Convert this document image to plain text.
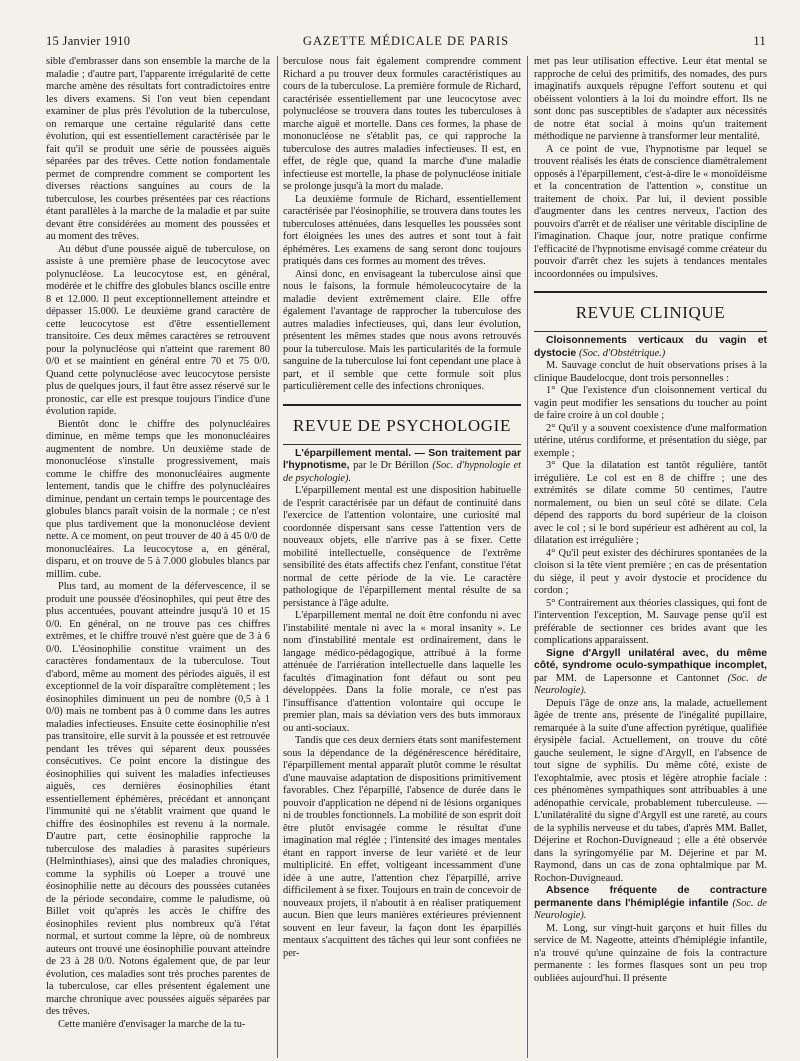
15 Janvier 1910	GAZETTE MÉDICALE DE PARIS	11

sible d'embrasser dans son ensemble la marche de la maladie ; d'autre part, l'apparente irrégularité de cette marche amène des résultats fort contradictoires entre les divers examens. Si l'on veut bien cependant examiner de plus près l'évolution de la tuberculose, on remarque une certaine régularité dans cette évolution, qui est essentiellement caractérisée par le fait qu'il se produit une série de poussées aiguës séparées par des trêves. Cette notion fondamentale permet de comprendre comment se comportent les diverses réactions sanguines au cours de la tuberculose, les courbes présentées par ces réactions étant parallèles à la marche de la maladie et par suite devant être considérées au moment des poussées et au moment des trêves.

Au début d'une poussée aiguë de tuberculose, on assiste à une première phase de leucocytose avec polynucléose. La leucocytose est, en général, modérée et le chiffre des globules blancs oscille entre 8 et 12.000. Il peut exceptionnellement atteindre et dépasser 15.000. Le deuxième grand caractère de cette leucocytose est d'être essentiellement transitoire. Ces deux mêmes caractères se retrouvent pour la polynucléose qui n'atteint que rarement 80 0/0 et se maintient en général entre 70 et 75 0/0. Quand cette polynucléose avec leucocytose persiste plus de quelques jours, il faut être assez réservé sur le pronostic, car elle est presque toujours l'indice d'une évolution rapide.

Bientôt donc le chiffre des polynucléaires diminue, en même temps que les mononucléaires augmentent de nombre. Un deuxième stade de mononucléose s'installe progressivement, mais comme le chiffre des mononucléaires augmente lentement, tandis que le chiffre des polynucléaires diminue, pendant un certain temps le pourcentage des globules blancs paraît voisin de la normale ; ce n'est que plus tardivement que la mononucléose devient nette. A ce moment, on peut trouver de 40 à 45 0/0 de mononucléaires. La leucocytose a, en général, disparu, et on trouve de 5 à 7.000 globules blancs par millim. cube.

Plus tard, au moment de la défervescence, il se produit une poussée d'éosinophiles, qui peut être des plus accentuées, pouvant atteindre jusqu'à 10 et 15 0/0. En général, on ne trouve pas ces chiffres extrêmes, et le chiffre trouvé n'est guère que de 3 à 6 0/0. L'éosinophilie constitue vraiment un des caractères fondamentaux de la tuberculose. Tout d'abord, même au moment des périodes aiguës, il est exceptionnel de la voir disparaître complètement ; les éosinophiles diminuent un peu de nombre (0,5 à 1 0/0) mais ne tombent pas à 0 comme dans les autres maladies infectieuses. Ensuite cette éosinophilie n'est pas transitoire, elle survit à la poussée et est retrouvée pendant les trêves qui séparent deux poussées consécutives. Ce point encore la distingue des éosinophilies qui suivent les maladies infectieuses aiguës, ces dernières éosinophilies étant essentiellement éphémères, précédant et annonçant l'immunité qui ne s'établit vraiment que quand le chiffre des éosinophiles est revenu à la normale. D'autre part, cette éosinophilie rapproche la tuberculose des maladies à parasites supérieurs (Helminthiases), ainsi que des maladies chroniques, comme la syphilis où Loeper a trouvé une éosinophilie nette au décours des poussées cutanées de la période secondaire, comme le paludisme, où Billet voit qu'après les accès le chiffre des éosinophiles revient plus nombreux qu'à l'état normal, et surtout comme la lèpre, où de nombreux auteurs ont trouvé une éosinophilie pouvant atteindre de 23 à 28 0/0. Notons également que, de par leur évolution, ces maladies sont très proches parentes de la tuberculose, car elles présentent également une marche chronique avec poussées aiguës séparées par des trêves.

Cette manière d'envisager la marche de la tu-

berculose nous fait également comprendre comment Richard a pu trouver deux formules caractéristiques au cours de la tuberculose. La première formule de Richard, caractérisée essentiellement par une leucocytose avec polynucléose se trouvera dans toutes les tuberculoses à marche aiguë et mortelle. Dans ces formes, la phase de mononucléose ne s'établit pas, ce qui rapproche la tuberculose des autres maladies infectieuses. Il est, en effet, de règle que, quand la marche d'une maladie infectieuse est mortelle, la phase de polynucléose initiale se prolonge jusqu'à la mort du malade.

La deuxième formule de Richard, essentiellement caractérisée par l'éosinophilie, se trouvera dans toutes les tuberculoses atténuées, dans lesquelles les poussées sont fort éloignées les unes des autres et sont tout à fait éphémères. Les examens de sang seront donc toujours pratiqués dans ces formes au moment des trêves.

Ainsi donc, en envisageant la tuberculose ainsi que nous le faisons, la formule hémoleucocytaire de la maladie devient extrêmement claire. Elle offre également l'avantage de rapprocher la tuberculose des autres maladies infectieuses, qui, dans leur évolution, présentent les mêmes stades que nous avons retrouvés pour la tuberculose. Mais les particularités de la formule sanguine de la tuberculose lui font cependant une place à part, et il semble que cette formule soit plus particulièrement celle des infections chroniques.

REVUE DE PSYCHOLOGIE

L'éparpillement mental. — Son traitement par l'hypnotisme, par le Dr Bérillon (Soc. d'hypnologie et de psychologie).

L'éparpillement mental est une disposition habituelle de l'esprit caractérisée par un défaut de continuité dans l'exercice de l'attention volontaire, une curiosité mal coordonnée dispersant sans cesse l'attention vers de nouveaux objets, elle n'arrive pas à se fixer. Cette mobilité intellectuelle, conséquence de l'extrême sensibilité des états affectifs chez l'enfant, constitue l'état normal de cette période de la vie. Le caractère pathologique de l'éparpillement mental résulte de sa persistance à l'âge adulte.

L'éparpillement mental ne doit être confondu ni avec l'instabilité mentale ni avec la « moral insanity ». Le nom d'instabilité mentale est ordinairement, dans le langage médico-pédagogique, attribué à la forme atténuée de l'arriération intellectuelle dans laquelle les facultés d'imagination font défaut ou sont peu développées. Dans la folie morale, ce n'est pas l'insuffisance d'attention volontaire qui occupe le premier plan, mais sa déviation vers des buts immoraux ou anti-sociaux.

Tandis que ces deux derniers états sont manifestement sous la dépendance de la dégénérescence héréditaire, l'éparpillement mental apparaît plutôt comme le résultat d'une mauvaise adaptation de dispositions primitivement favorables. Chez l'éparpillé, l'absence de durée dans le pouvoir d'application ne dépend ni de lésions organiques ni de troubles fonctionnels. La mobilité de son esprit doit être plutôt envisagée comme le résultat d'une imagination mal réglée ; l'intensité des images mentales étant en rapport inverse de leur variété et de leur multiplicité. En effet, voltigeant incessamment d'une idée à une autre, l'attention chez l'éparpillé, arrive difficilement à se fixer. Toujours en train de concevoir de nouveaux projets, il n'aboutit à en réaliser pratiquement aucun. Bien que leurs manières extérieures préviennent souvent en leur faveur, la façon dont les éparpillés mentaux s'acquittent des tâches qui leur sont confiées ne per-

met pas leur utilisation effective. Leur état mental se rapproche de celui des primitifs, des nomades, des purs imaginatifs auxquels répugne l'effort soutenu et qui obéissent volontiers à la loi du moindre effort. Ils ne sont donc pas susceptibles de s'adapter aux nécessités de notre état social à moins qu'un traitement méthodique ne parvienne à transformer leur mentalité.

A ce point de vue, l'hypnotisme par lequel se trouvent réalisés les états de conscience diamétralement opposés à l'éparpillement, c'est-à-dire le « monoïdéisme et la concentration de l'attention », constitue un traitement de choix. Par lui, il devient possible d'augmenter dans les centres nerveux, l'action des pouvoirs d'arrêt et de réaliser une véritable discipline de l'imagination. Chaque jour, notre pratique confirme l'efficacité de l'hypnotisme envisagé comme créateur du pouvoir d'arrêt chez les sujets à tendances mentales incoordonnées ou impulsives.

REVUE CLINIQUE

Cloisonnements verticaux du vagin et dystocie (Soc. d'Obstétrique.)

M. Sauvage conclut de huit observations prises à la clinique Baudelocque, dont trois personnelles :

1° Que l'existence d'un cloisonnement vertical du vagin peut modifier les sensations du toucher au point de faire croire à un col double ;

2° Qu'il y a souvent coexistence d'une malformation utérine, utérus cordiforme, et présentation du siège, par exemple ;

3° Que la dilatation est tantôt régulière, tantôt irrégulière. Le col est en 8 de chiffre ; une des extrémités se dilate comme 50 centimes, l'autre normalement, ou bien un seul côté se dilate. Cela dépend des rapports du bord supérieur de la cloison avec le col ; si le bord supérieur est adhérent au col, la dilatation est irrégulière ;

4° Qu'il peut exister des déchirures spontanées de la cloison si la tête vient première ; en cas de présentation du siège, il peut y avoir dystocie et procidence du cordon ;

5° Contrairement aux théories classiques, qui font de l'intervention l'exception, M. Sauvage pense qu'il est préférable de sectionner ces brides avant que les complications apparaissent.

Signe d'Argyll unilatéral avec, du même côté, syndrome oculo-sympathique incomplet, par MM. de Lapersonne et Cantonnet (Soc. de Neurologie).

Depuis l'âge de onze ans, la malade, actuellement âgée de trente ans, présente de l'inégalité pupillaire, remarquée à la suite d'une affection pyrétique, qualifiée érysipèle facial. Actuellement, on trouve du côté gauche seulement, le signe d'Argyll, en l'absence de tout signe de syphilis. Du même côté, existe de l'exophtalmie, avec ptosis et légère atrophie faciale : ces phénomènes sympathiques sont attribuables à une adénopathie cervicale, probablement tuberculeuse. — L'unilatéralité du signe d'Argyll est une rareté, au cours de la syphilis nerveuse et du tabes, d'après MM. Ballet, Déjerine et Rochon-Duvigneaud ; elle a été observée dans la syringomyélie par M. Déjerine et par M. Raymond, dans un cas de zona ophtalmique par M. Rochon-Duvigneaud.

Absence fréquente de contracture permanente dans l'hémiplégie infantile (Soc. de Neurologie).

M. Long, sur vingt-huit garçons et huit filles du service de M. Nageotte, atteints d'hémiplégie infantile, n'a trouvé qu'une quinzaine de fois la contracture permanente : les formes flasques sont un peu trop oubliées aujourd'hui. Il présente
